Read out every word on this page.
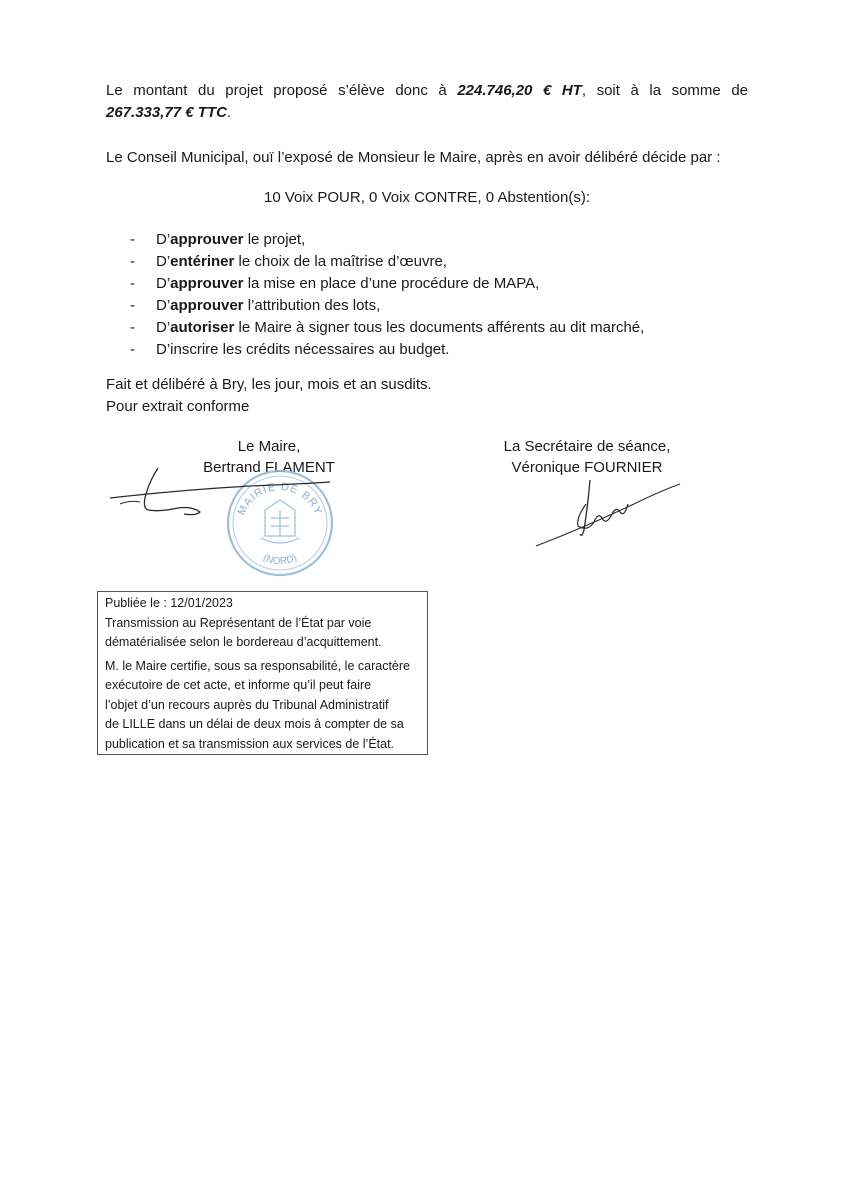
Le montant du projet proposé s’élève donc à 224.746,20 € HT, soit à la somme de
267.333,77 € TTC.
Le Conseil Municipal, ouï l’exposé de Monsieur le Maire, après en avoir délibéré décide par :
10 Voix POUR, 0 Voix CONTRE, 0 Abstention(s):
- D’approuver le projet,
- D’entériner le choix de la maîtrise d’œuvre,
- D’approuver la mise en place d’une procédure de MAPA,
- D’approuver l’attribution des lots,
- D’autoriser le Maire à signer tous les documents afférents au dit marché,
- D’inscrire les crédits nécessaires au budget.
Fait et délibéré à Bry, les jour, mois et an susdits.
Pour extrait conforme
Le Maire,
Bertrand FLAMENT
MAIRIE DE BRY
(NORD)
La Secrétaire de séance,
Véronique FOURNIER
Publiée le : 12/01/2023
Transmission au Représentant de l’État par voie
dématérialisée selon le bordereau d’acquittement.
M. le Maire certifie, sous sa responsabilité, le caractère
exécutoire de cet acte, et informe qu’il peut faire
l’objet d’un recours auprès du Tribunal Administratif
de LILLE dans un délai de deux mois à compter de sa
publication et sa transmission aux services de l’État.
